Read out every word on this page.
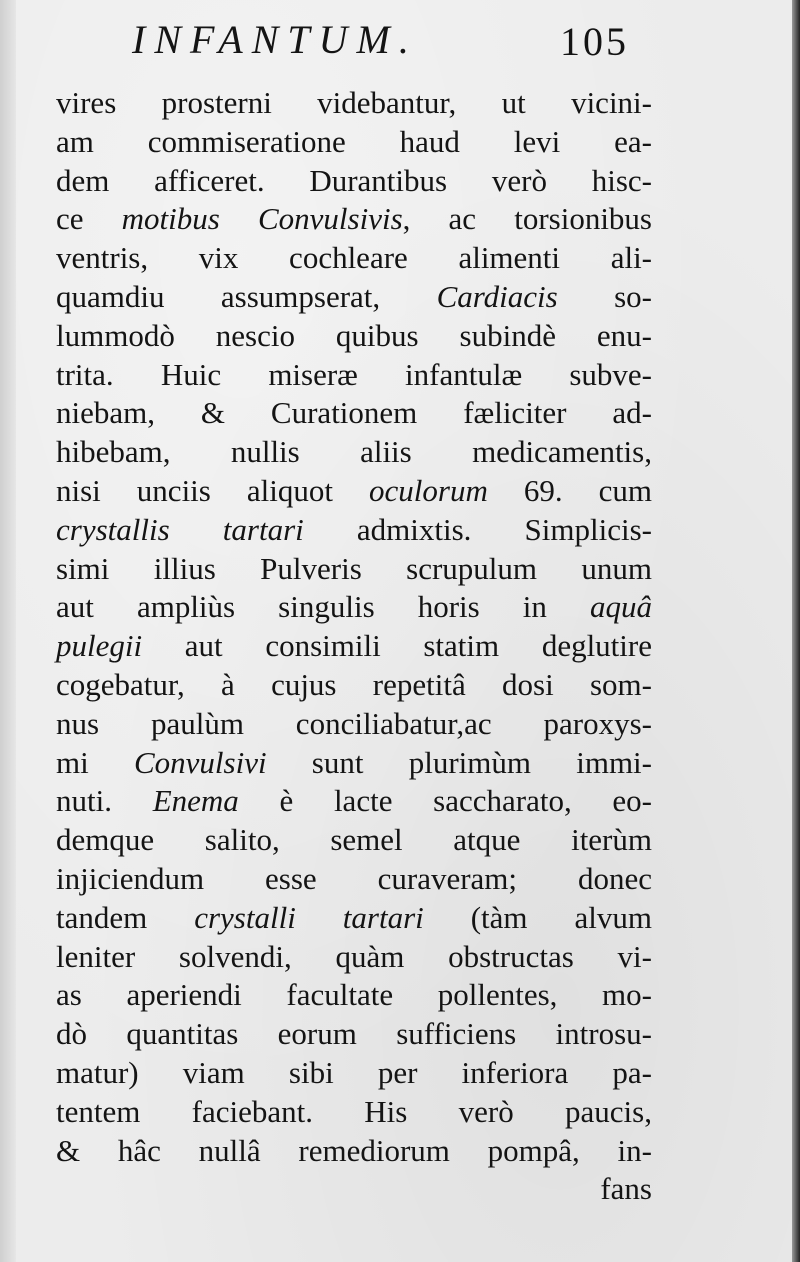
INFANTUM.	105
vires prosterni videbantur, ut vicini-
am commiseratione haud levi ea-
dem afficeret. Durantibus verò hisc-
ce motibus Convulsivis, ac torsionibus
ventris, vix cochleare alimenti ali-
quamdiu assumpserat, Cardiacis so-
lummodò nescio quibus subindè enu-
trita. Huic miseræ infantulæ subve-
niebam, & Curationem fæliciter ad-
hibebam, nullis aliis medicamentis,
nisi unciis aliquot oculorum 69. cum
crystallis tartari admixtis. Simplicis-
simi illius Pulveris scrupulum unum
aut ampliùs singulis horis in aquâ
pulegii aut consimili statim deglutire
cogebatur, à cujus repetitâ dosi som-
nus paulùm conciliabatur,ac paroxys-
mi Convulsivi sunt plurimùm immi-
nuti. Enema è lacte saccharato, eo-
demque salito, semel atque iterùm
injiciendum esse curaveram; donec
tandem crystalli tartari (tàm alvum
leniter solvendi, quàm obstructas vi-
as aperiendi facultate pollentes, mo-
dò quantitas eorum sufficiens introsu-
matur) viam sibi per inferiora pa-
tentem faciebant. His verò paucis,
& hâc nullâ remediorum pompâ, in-
fans
